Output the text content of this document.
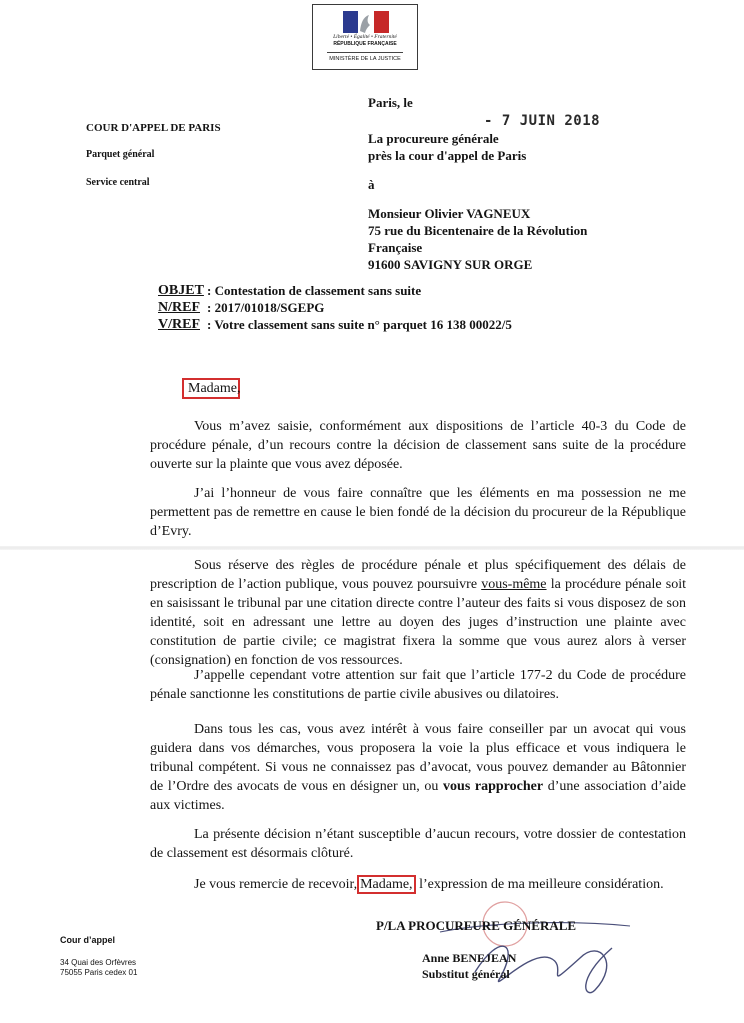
Liberté • Égalité • Fraternité
RÉPUBLIQUE FRANÇAISE
MINISTÈRE DE LA JUSTICE
COUR D'APPEL DE PARIS
Parquet général
Service central
Paris, le
- 7 JUIN 2018
La procureure générale
près la cour d'appel de Paris
à
Monsieur Olivier VAGNEUX
75 rue du Bicentenaire de la Révolution
Française
91600 SAVIGNY SUR ORGE
OBJET : Contestation de classement sans suite
N/REF : 2017/01018/SGEPG
V/REF : Votre classement sans suite n° parquet 16 138 00022/5
Madame,
Vous m’avez saisie, conformément aux dispositions de l’article 40-3 du Code de procédure pénale, d’un recours contre la décision de classement sans suite de la procédure ouverte sur la plainte que vous avez déposée.
J’ai l’honneur de vous faire connaître que les éléments en ma possession ne me permettent pas de remettre en cause le bien fondé de la décision du procureur de la République d’Evry.
Sous réserve des règles de procédure pénale et plus spécifiquement des délais de prescription de l’action publique, vous pouvez poursuivre vous-même la procédure pénale soit en saisissant le tribunal par une citation directe contre l’auteur des faits si vous disposez de son identité, soit en adressant une lettre au doyen des juges d’instruction une plainte avec constitution de partie civile; ce magistrat fixera la somme que vous aurez alors à verser (consignation) en fonction de vos ressources.
J’appelle cependant votre attention sur fait que l’article 177-2 du Code de procédure pénale sanctionne les constitutions de partie civile abusives ou dilatoires.
Dans tous les cas, vous avez intérêt à vous faire conseiller par un avocat qui vous guidera dans vos démarches, vous proposera la voie la plus efficace et vous indiquera le tribunal compétent. Si vous ne connaissez pas d’avocat, vous pouvez demander au Bâtonnier de l’Ordre des avocats de vous en désigner un, ou vous rapprocher d’une association d’aide aux victimes.
La présente décision n’étant susceptible d’aucun recours, votre dossier de contestation de classement est désormais clôturé.
Je vous remercie de recevoir, Madame, l’expression de ma meilleure considération.
P/LA PROCUREURE GÉNÉRALE
Anne BENEJEAN
Substitut général
Cour d’appel
34 Quai des Orfèvres
75055 Paris cedex 01
